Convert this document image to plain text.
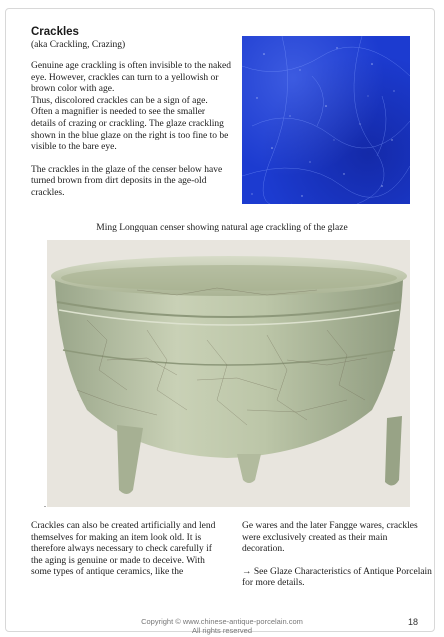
Crackles

(aka Crackling, Crazing)

Genuine age crackling is often invisible to the naked eye. However, crackles can turn to a yellowish or brown color with age.

Thus, discolored crackles can be a sign of age. Often a magnifier is needed to see the smaller details of crazing or crackling. The glaze crackling shown in the blue glaze on the right is too fine to be visible to the bare eye.

The crackles in the glaze of the censer below have turned brown from dirt deposits in the age-old crackles.

Ming Longquan censer showing natural age crackling of the glaze

.

Crackles can also be created artificially and lend themselves for making an item look old. It is therefore always necessary to check carefully if the aging is genuine or made to deceive. With some types of antique ceramics, like the

Ge wares and the later Fangge wares, crackles were exclusively created as their main decoration.

→ See Glaze Characteristics of Antique Porcelain for more details.

Copyright © www.chinese-antique-porcelain.com
All rights reserved

18
